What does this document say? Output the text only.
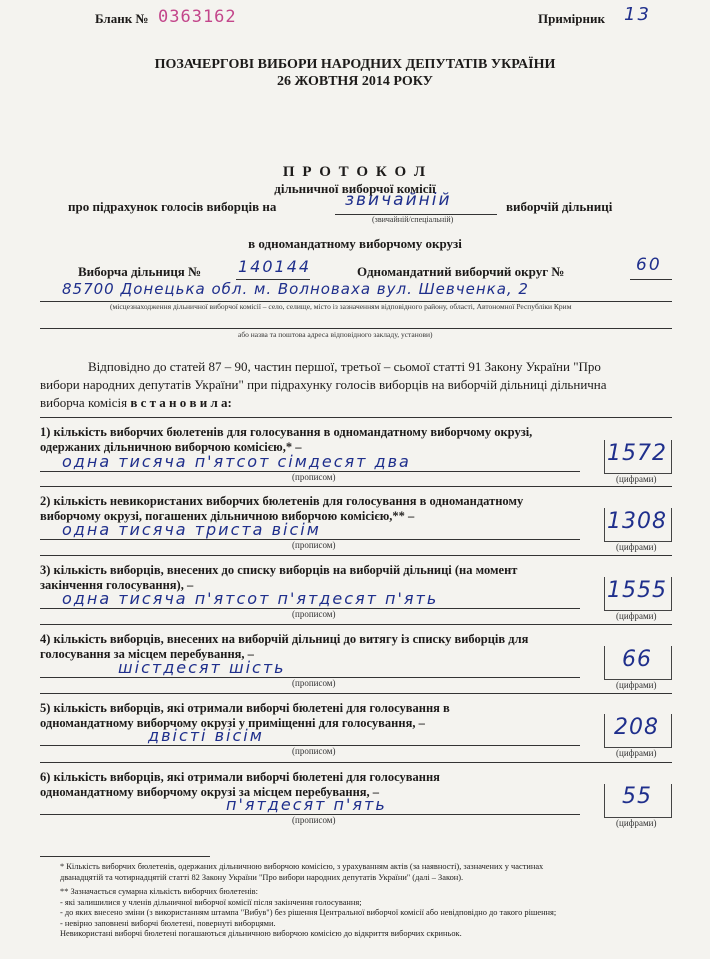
Бланк № 0363162	Примірник 13
ПОЗАЧЕРГОВІ ВИБОРИ НАРОДНИХ ДЕПУТАТІВ УКРАЇНИ
26 ЖОВТНЯ 2014 РОКУ
П Р О Т О К О Л
дільничної виборчої комісії
про підрахунок голосів виборців на	звичайній
(звичайній/спеціальній)
виборчій дільниці
в одномандатному виборчому окрузі
Виборча дільниця № 140144	Одномандатний виборчий округ №	60
85700 Донецька обл. м. Волноваха вул. Шевченка, 2
(місцезнаходження дільничної виборчої комісії – село, селище, місто із зазначенням відповідного району, області, Автономної Республіки Крим
або назва та поштова адреса відповідного закладу, установи)
Відповідно до статей 87 – 90, частин першої, третьої – сьомої статті 91 Закону України "Про
вибори народних депутатів України" при підрахунку голосів виборців на виборчій дільниці дільнична
виборча комісія в с т а н о в и л а:
1) кількість виборчих бюлетенів для голосування в одномандатному виборчому окрузі,
одержаних дільничною виборчою комісією,* –
одна тисяча п'ятсот сімдесят два
(прописом)
1572
(цифрами)
2) кількість невикористаних виборчих бюлетенів для голосування в одномандатному
виборчому окрузі, погашених дільничною виборчою комісією,** –
одна тисяча триста вісім
(прописом)
1308
(цифрами)
3) кількість виборців, внесених до списку виборців на виборчій дільниці (на момент
закінчення голосування), –
одна тисяча п'ятсот п'ятдесят п'ять
(прописом)
1555
(цифрами)
4) кількість виборців, внесених на виборчій дільниці до витягу із списку виборців для
голосування за місцем перебування, –
шістдесят шість
(прописом)
66
(цифрами)
5) кількість виборців, які отримали виборчі бюлетені для голосування в
одномандатному виборчому окрузі у приміщенні для голосування, –
двісті вісім
(прописом)
208
(цифрами)
6) кількість виборців, які отримали виборчі бюлетені для голосування
одномандатному виборчому окрузі за місцем перебування, –
п'ятдесят п'ять
(прописом)
55
(цифрами)
* Кількість виборчих бюлетенів, одержаних дільничною виборчою комісією, з урахуванням актів (за наявності), зазначених у частинах
дванадцятій та чотирнадцятій статті 82 Закону України "Про вибори народних депутатів України" (далі – Закон).
** Зазначається сумарна кількість виборчих бюлетенів:
- які залишилися у членів дільничної виборчої комісії після закінчення голосування;
- до яких внесено зміни (з використанням штампа "Вибув") без рішення Центральної виборчої комісії або невідповідно до такого рішення;
- невірно заповнені виборчі бюлетені, повернуті виборцями.
Невикористані виборчі бюлетені погашаються дільничною виборчою комісією до відкриття виборчих скриньок.
